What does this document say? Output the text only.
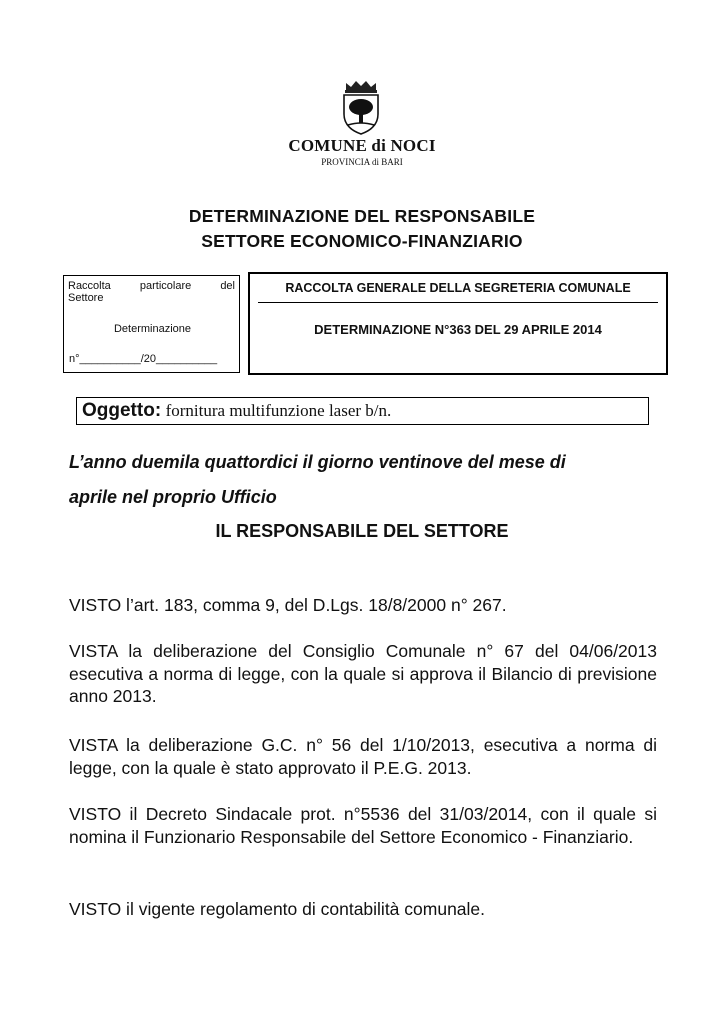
COMUNE di NOCI
PROVINCIA di BARI
DETERMINAZIONE DEL RESPONSABILE
SETTORE ECONOMICO-FINANZIARIO
Raccolta	particolare	del
Settore
Determinazione
n°__________/20__________
RACCOLTA GENERALE DELLA SEGRETERIA COMUNALE
DETERMINAZIONE N°363 DEL 29 APRILE 2014
Oggetto: fornitura multifunzione laser b/n.
L’anno duemila quattordici il giorno ventinove del mese di
aprile nel proprio Ufficio
IL RESPONSABILE DEL SETTORE
VISTO l’art. 183, comma 9, del D.Lgs. 18/8/2000 n° 267.
VISTA la deliberazione del Consiglio Comunale n° 67 del 04/06/2013 esecutiva a norma di legge, con la quale si approva il Bilancio di previsione anno 2013.
VISTA la deliberazione G.C. n° 56 del 1/10/2013, esecutiva a norma di legge, con la quale è stato approvato il P.E.G. 2013.
VISTO il Decreto Sindacale prot. n°5536 del 31/03/2014, con il quale si nomina il Funzionario Responsabile del Settore Economico - Finanziario.
VISTO il vigente regolamento di contabilità comunale.
